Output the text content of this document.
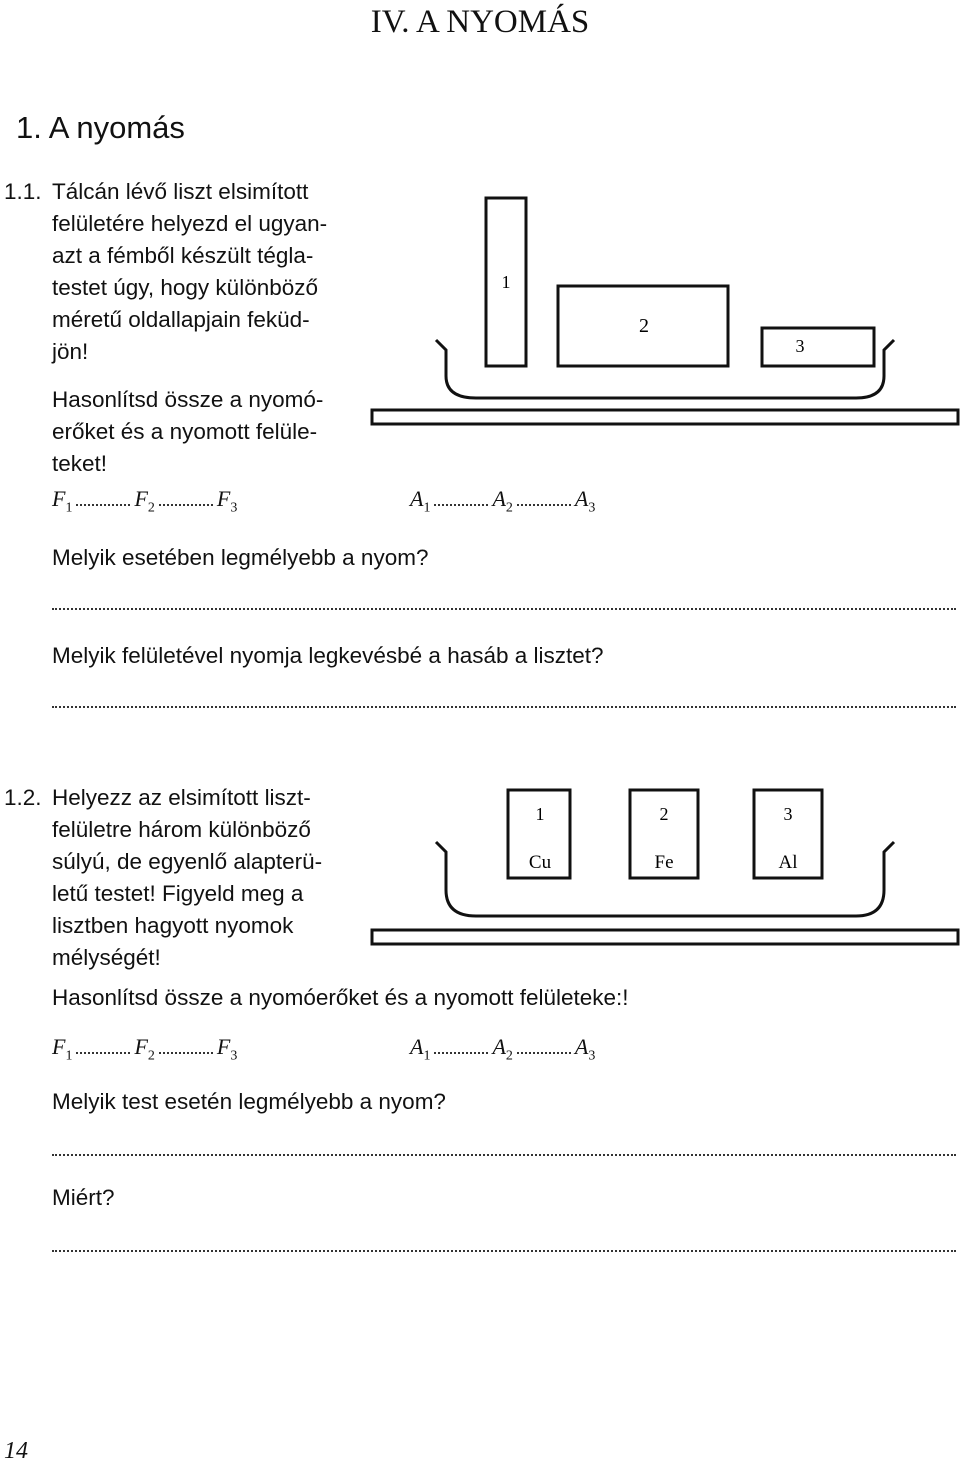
IV. A NYOMÁS
1. A nyomás
1.1. Tálcán lévő liszt elsimított
felületére helyezd el ugyan-
azt a fémből készült tégla-
testet úgy, hogy különböző
méretű oldallapjain feküd-
jön!
Hasonlítsd össze a nyomó-
erőket és a nyomott felüle-
teket!
1
2
3
$F_1$	$F_2$	$F_3$	$A_1$	$A_2$	$A_3$
Melyik esetében legmélyebb a nyom?
Melyik felületével nyomja legkevésbé a hasáb a lisztet?
1.2. Helyezz az elsimított liszt-
felületre három különböző
súlyú, de egyenlő alapterü-
letű testet! Figyeld meg a
lisztben hagyott nyomok
mélységét!
1	2	3
Cu	Fe	Al
Hasonlítsd össze a nyomóerőket és a nyomott felületeke:!
$F_1$	$F_2$	$F_3$	$A_1$	$A_2$	$A_3$
Melyik test esetén legmélyebb a nyom?
Miért?
14
